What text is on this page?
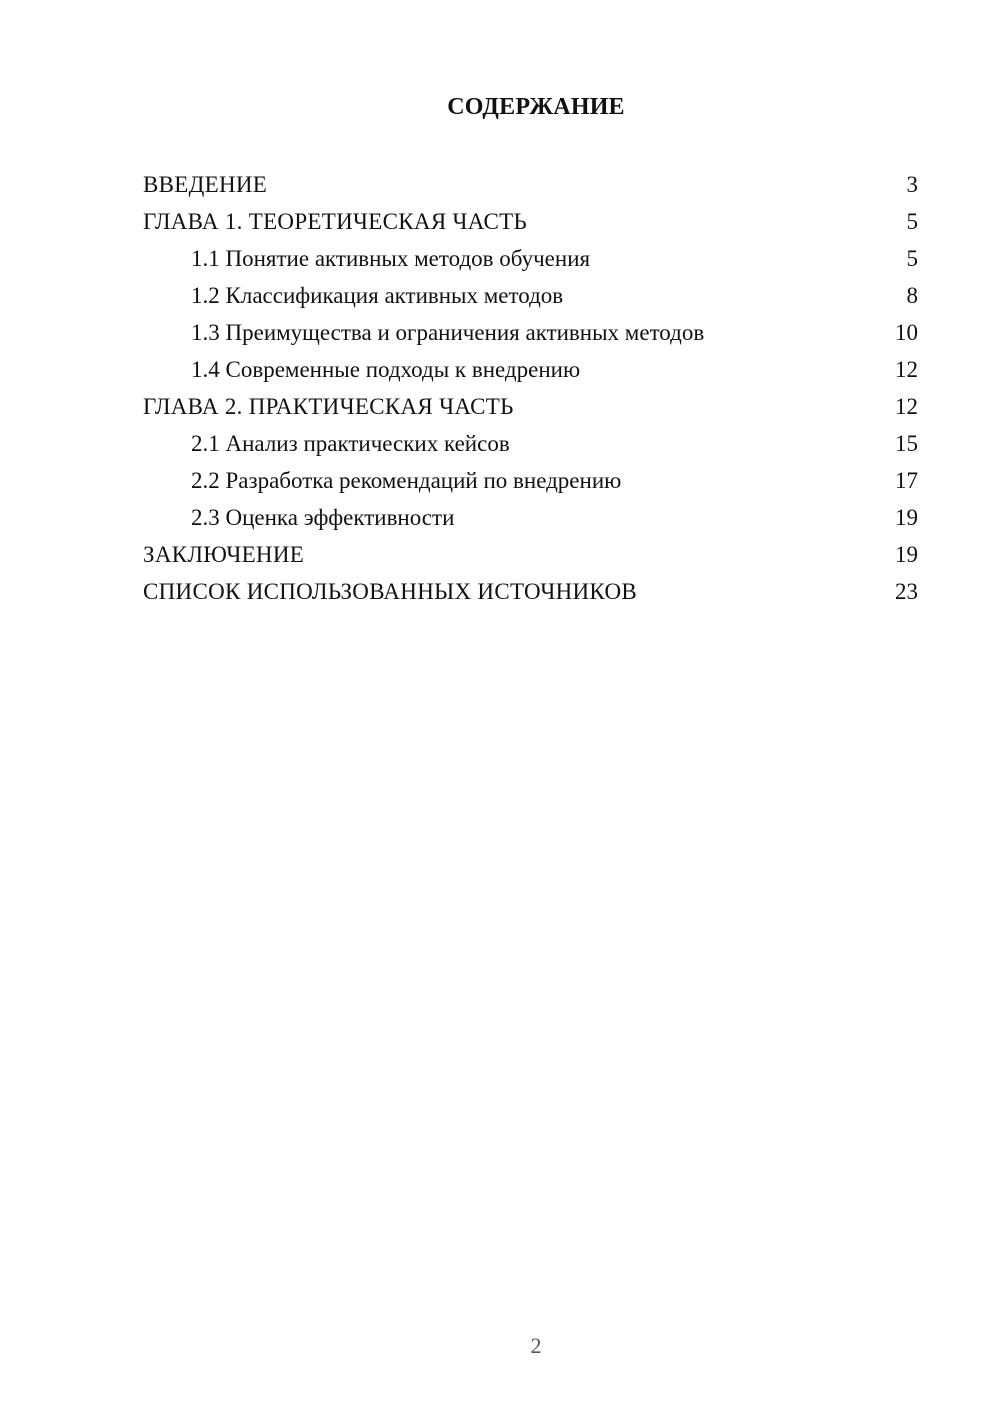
СОДЕРЖАНИЕ
ВВЕДЕНИЕ	3
ГЛАВА 1. ТЕОРЕТИЧЕСКАЯ ЧАСТЬ	5
1.1 Понятие активных методов обучения	5
1.2 Классификация активных методов	8
1.3 Преимущества и ограничения активных методов	10
1.4 Современные подходы к внедрению	12
ГЛАВА 2. ПРАКТИЧЕСКАЯ ЧАСТЬ	12
2.1 Анализ практических кейсов	15
2.2 Разработка рекомендаций по внедрению	17
2.3 Оценка эффективности	19
ЗАКЛЮЧЕНИЕ	19
СПИСОК ИСПОЛЬЗОВАННЫХ ИСТОЧНИКОВ	23
2
